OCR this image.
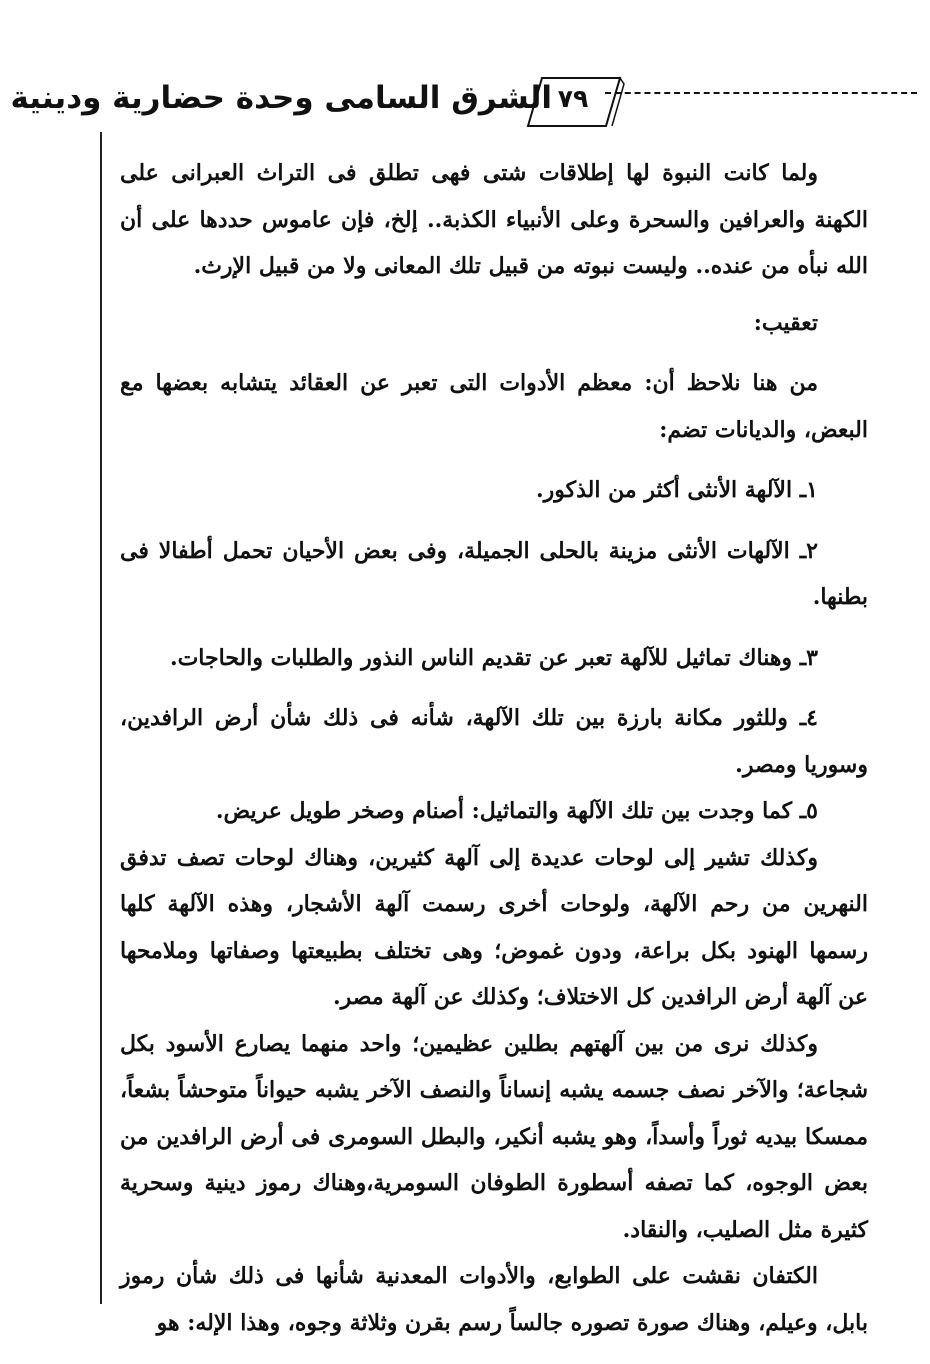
٧٩
الشرق السامى وحدة حضارية ودينية

ولما كانت النبوة لها إطلاقات شتى فهى تطلق فى التراث العبرانى على الكهنة والعرافين والسحرة وعلى الأنبياء الكذبة.. إلخ، فإن عاموس حددها على أن الله نبأه من عنده.. وليست نبوته من قبيل تلك المعانى ولا من قبيل الإرث.

تعقيب:

من هنا نلاحظ أن: معظم الأدوات التى تعبر عن العقائد يتشابه بعضها مع البعض، والديانات تضم:

١ـ الآلهة الأنثى أكثر من الذكور.

٢ـ الآلهات الأنثى مزينة بالحلى الجميلة، وفى بعض الأحيان تحمل أطفالا فى بطنها.

٣ـ وهناك تماثيل للآلهة تعبر عن تقديم الناس النذور والطلبات والحاجات.

٤ـ وللثور مكانة بارزة بين تلك الآلهة، شأنه فى ذلك شأن أرض الرافدين، وسوريا ومصر.

٥ـ كما وجدت بين تلك الآلهة والتماثيل: أصنام وصخر طويل عريض.

وكذلك تشير إلى لوحات عديدة إلى آلهة كثيرين، وهناك لوحات تصف تدفق النهرين من رحم الآلهة، ولوحات أخرى رسمت آلهة الأشجار، وهذه الآلهة كلها رسمها الهنود بكل براعة، ودون غموض؛ وهى تختلف بطبيعتها وصفاتها وملامحها عن آلهة أرض الرافدين كل الاختلاف؛ وكذلك عن آلهة مصر.

وكذلك نرى من بين آلهتهم بطلين عظيمين؛ واحد منهما يصارع الأسود بكل شجاعة؛ والآخر نصف جسمه يشبه إنساناً والنصف الآخر يشبه حيواناً متوحشاً بشعاً، ممسكا بيديه ثوراً وأسداً، وهو يشبه أنكير، والبطل السومرى فى أرض الرافدين من بعض الوجوه، كما تصفه أسطورة الطوفان السومرية،وهناك رموز دينية وسحرية كثيرة مثل الصليب، والنقاد.

الكتفان نقشت على الطوابع، والأدوات المعدنية شأنها فى ذلك شأن رموز بابل، وعيلم، وهناك صورة تصوره جالساً رسم بقرن وثلاثة وجوه، وهذا الإله: هو
